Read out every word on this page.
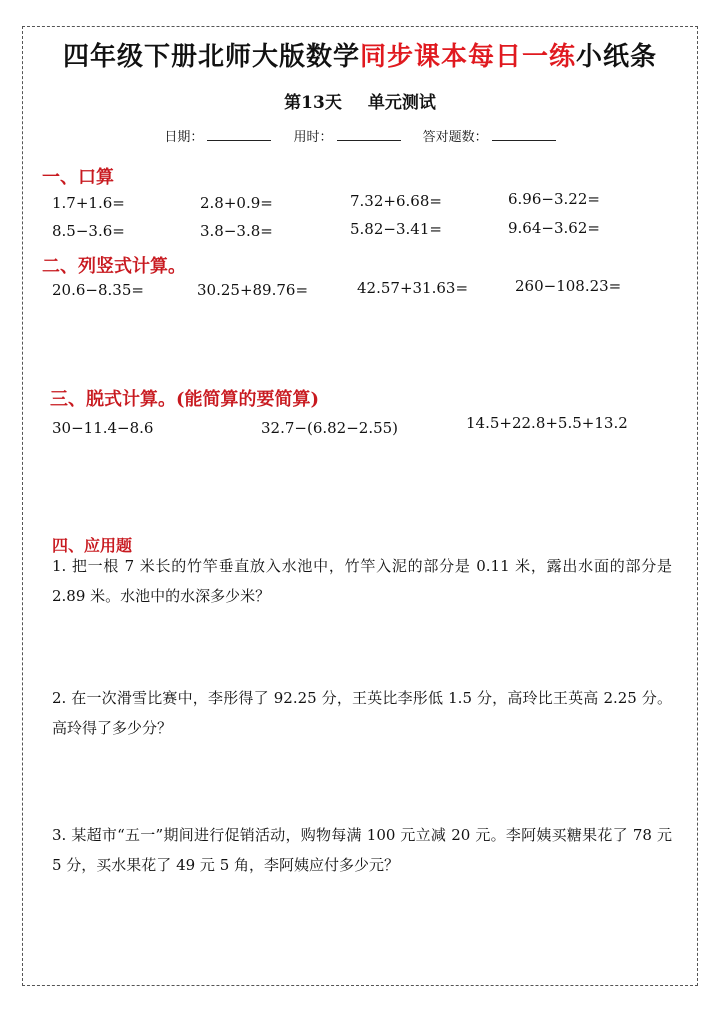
四年级下册北师大版数学同步课本每日一练小纸条
第13天 单元测试
日期：	用时：	答对题数：
一、口算
1.7+1.6=	2.8+0.9=	7.32+6.68=	6.96−3.22=
8.5−3.6=	3.8−3.8=	5.82−3.41=	9.64−3.62=
二、列竖式计算。
20.6−8.35=	30.25+89.76=	42.57+31.63=	260−108.23=
三、脱式计算。(能简算的要简算)
30−11.4−8.6	32.7−(6.82−2.55)	14.5+22.8+5.5+13.2
四、应用题
1. 把一根 7 米长的竹竿垂直放入水池中，竹竿入泥的部分是 0.11 米，露出水面的部分是 2.89 米。水池中的水深多少米？
2. 在一次滑雪比赛中，李彤得了 92.25 分，王英比李彤低 1.5 分，高玲比王英高 2.25 分。高玲得了多少分？
3. 某超市“五一”期间进行促销活动，购物每满 100 元立减 20 元。李阿姨买糖果花了 78 元 5 分，买水果花了 49 元 5 角，李阿姨应付多少元？
